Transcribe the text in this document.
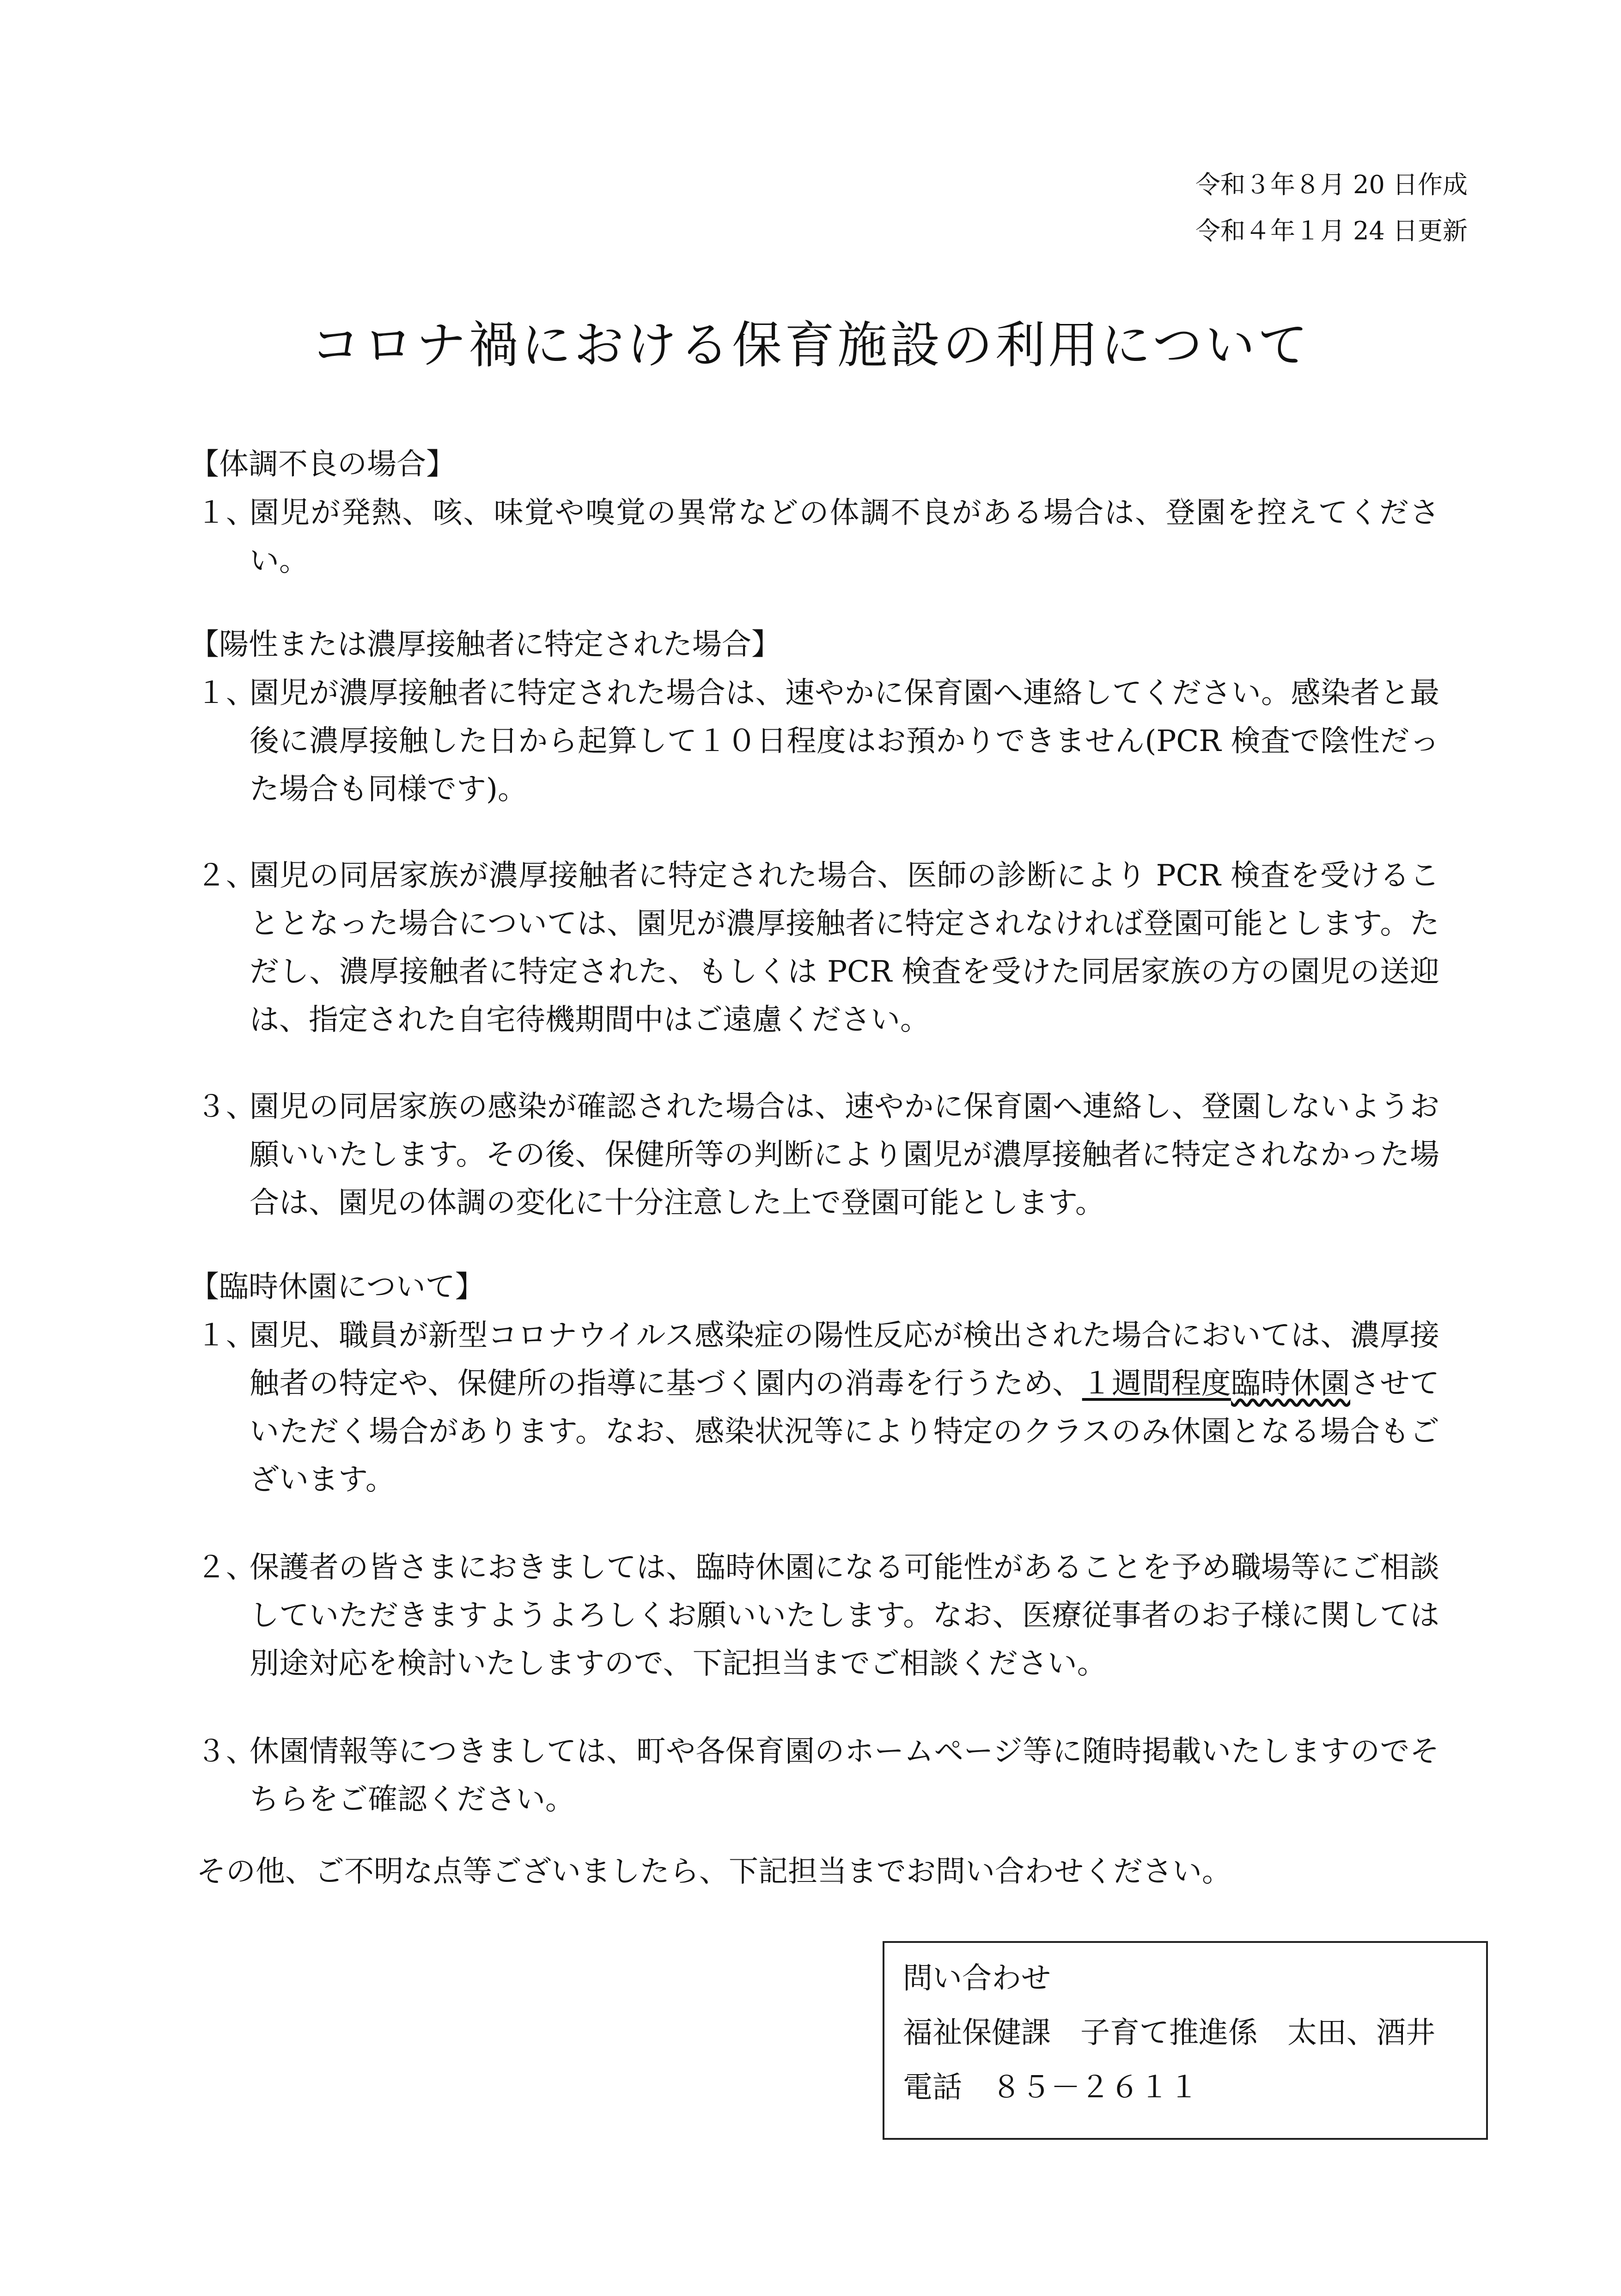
令和３年８月 20 日作成
令和４年１月 24 日更新
コロナ禍における保育施設の利用について
【体調不良の場合】
１、
園児が発熱、咳、味覚や嗅覚の異常などの体調不良がある場合は、登園を控えてください。
【陽性または濃厚接触者に特定された場合】
１、
園児が濃厚接触者に特定された場合は、速やかに保育園へ連絡してください。感染者と最後に濃厚接触した日から起算して１０日程度はお預かりできません(PCR 検査で陰性だった場合も同様です)。
２、
園児の同居家族が濃厚接触者に特定された場合、医師の診断により PCR 検査を受けることとなった場合については、園児が濃厚接触者に特定されなければ登園可能とします。ただし、濃厚接触者に特定された、もしくは PCR 検査を受けた同居家族の方の園児の送迎は、指定された自宅待機期間中はご遠慮ください。
３、
園児の同居家族の感染が確認された場合は、速やかに保育園へ連絡し、登園しないようお願いいたします。その後、保健所等の判断により園児が濃厚接触者に特定されなかった場合は、園児の体調の変化に十分注意した上で登園可能とします。
【臨時休園について】
１、
園児、職員が新型コロナウイルス感染症の陽性反応が検出された場合においては、濃厚接触者の特定や、保健所の指導に基づく園内の消毒を行うため、１週間程度臨時休園させていただく場合があります。なお、感染状況等により特定のクラスのみ休園となる場合もございます。
２、
保護者の皆さまにおきましては、臨時休園になる可能性があることを予め職場等にご相談していただきますようよろしくお願いいたします。なお、医療従事者のお子様に関しては別途対応を検討いたしますので、下記担当までご相談ください。
３、
休園情報等につきましては、町や各保育園のホームページ等に随時掲載いたしますのでそちらをご確認ください。
その他、ご不明な点等ございましたら、下記担当までお問い合わせください。
問い合わせ
福祉保健課　子育て推進係　太田、酒井
電話　８５－２６１１
